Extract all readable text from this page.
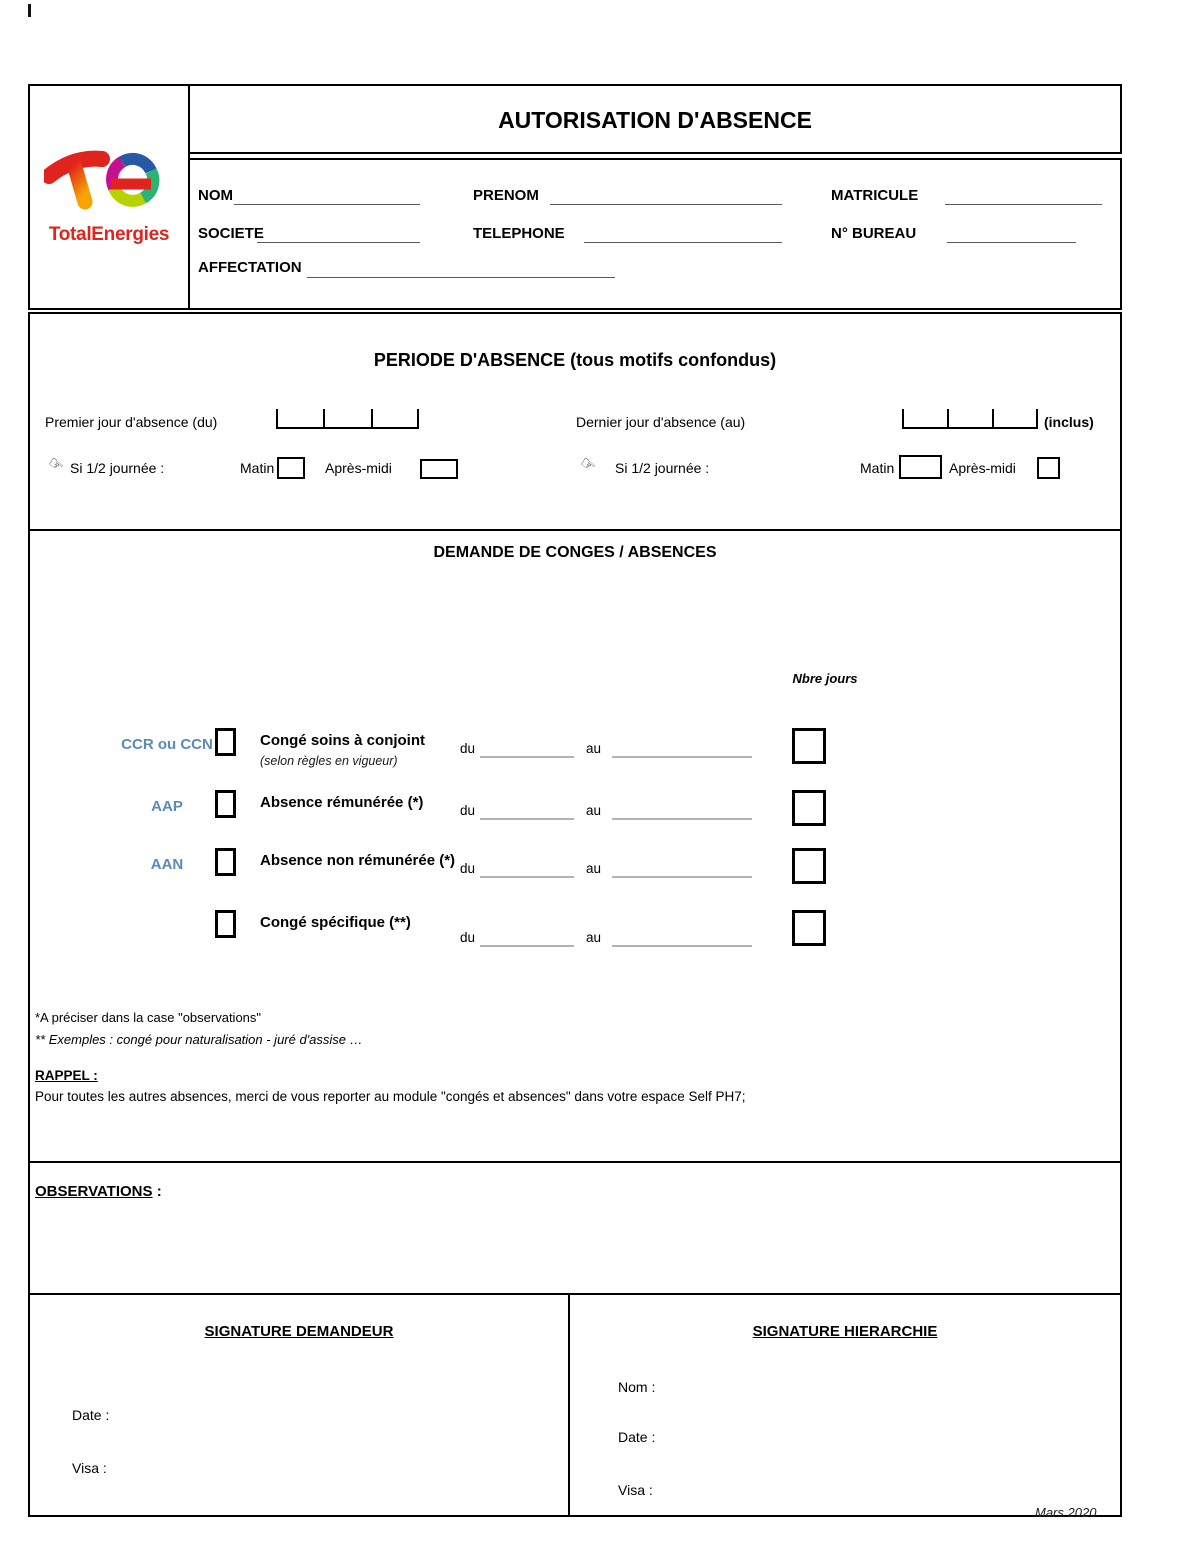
TotalEnergies
AUTORISATION D'ABSENCE
NOM	PRENOM	MATRICULE
SOCIETE	TELEPHONE	N° BUREAU
AFFECTATION
PERIODE D'ABSENCE (tous motifs confondus)
Premier jour d'absence (du)	Dernier jour d'absence (au)	(inclus)
☞ Si 1/2 journée :	Matin	Après-midi	☞ Si 1/2 journée :	Matin	Après-midi
DEMANDE DE CONGES / ABSENCES
Nbre jours
CCR ou CCN	Congé soins à conjoint
(selon règles en vigueur)
du	au
AAP	Absence rémunérée (*)	du	au
AAN	Absence non rémunérée (*) du	au
Congé spécifique (**)
du	au
*A préciser dans la case "observations"
** Exemples : congé pour naturalisation - juré d'assise …
RAPPEL :
Pour toutes les autres absences, merci de vous reporter au module "congés et absences" dans votre espace Self PH7;
OBSERVATIONS :
SIGNATURE DEMANDEUR
Date :
Visa :
SIGNATURE HIERARCHIE
Nom :
Date :
Visa :
Mars 2020
